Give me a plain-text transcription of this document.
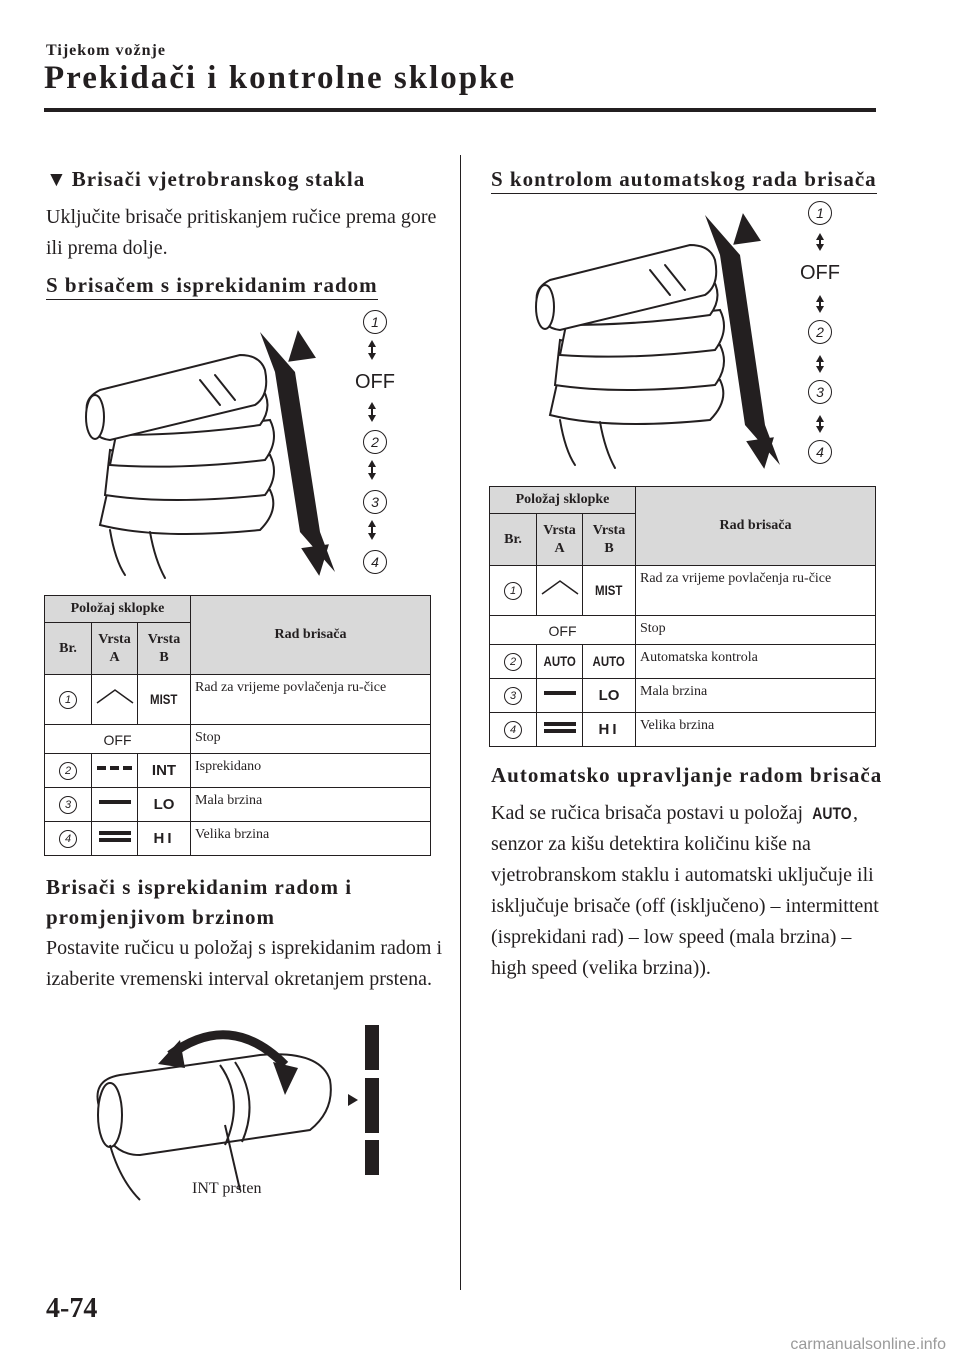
Tijekom vožnje
Prekidači i kontrolne sklopke
▼ Brisači vjetrobranskog stakla
Uključite brisače pritiskanjem ručice prema gore ili prema dolje.
S brisačem s isprekidanim radom
1
OFF
2
3
4
Položaj sklopke			Rad brisača
Br.	Vrsta A	Vrsta B	
1		MIST	Rad za vrijeme povlačenja ru-čice
OFF			Stop
2		INT	Isprekidano
3		LO	Mala brzina
4		HI	Velika brzina
Brisači s isprekidanim radom i promjenjivom brzinom
Postavite ručicu u položaj s isprekidanim radom i izaberite vremenski interval okretanjem prstena.
INT prsten
S kontrolom automatskog rada brisača
1
OFF
2
3
4
Položaj sklopke			Rad brisača
Br.	Vrsta A	Vrsta B	
1		MIST	Rad za vrijeme povlačenja ru-čice
OFF			Stop
2	AUTO	AUTO	Automatska kontrola
3		LO	Mala brzina
4		HI	Velika brzina
Automatsko upravljanje radom brisača
Kad se ručica brisača postavi u položaj AUTO, senzor za kišu detektira količinu kiše na vjetrobranskom staklu i automatski uključuje ili isključuje brisače (off (isključeno) – intermittent (isprekidani rad) – low speed (mala brzina) – high speed (velika brzina)).
4-74
carmanualsonline.info
